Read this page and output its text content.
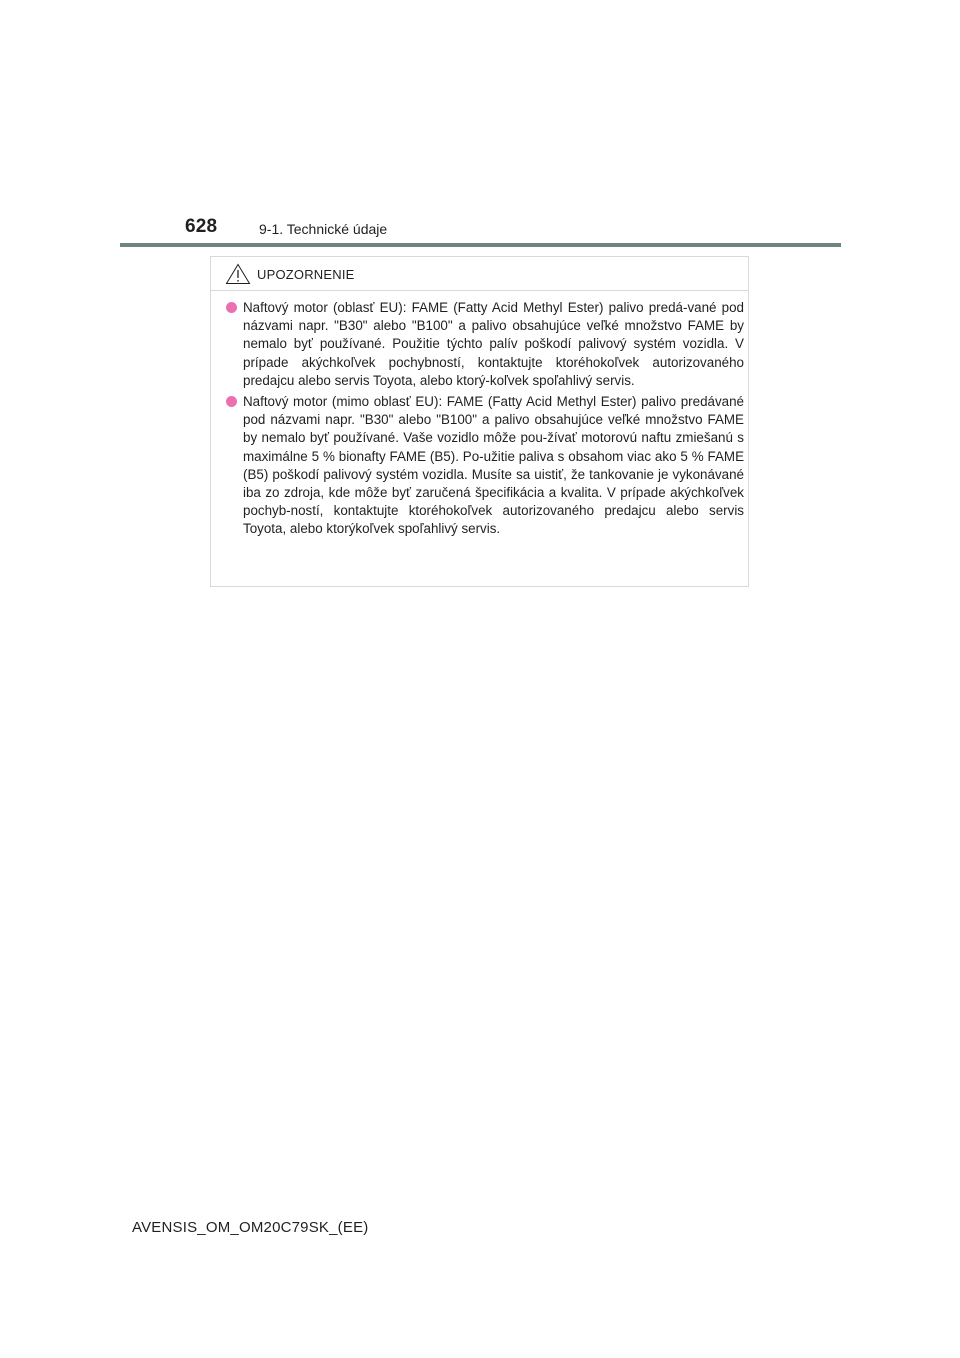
628	9-1. Technické údaje
UPOZORNENIE
Naftový motor (oblasť EU): FAME (Fatty Acid Methyl Ester) palivo predá-vané pod názvami napr. "B30" alebo "B100" a palivo obsahujúce veľké množstvo FAME by nemalo byť používané. Použitie týchto palív poškodí palivový systém vozidla. V prípade akýchkoľvek pochybností, kontaktujte ktoréhokoľvek autorizovaného predajcu alebo servis Toyota, alebo ktorý-koľvek spoľahlivý servis.
Naftový motor (mimo oblasť EU): FAME (Fatty Acid Methyl Ester) palivo predávané pod názvami napr. "B30" alebo "B100" a palivo obsahujúce veľké množstvo FAME by nemalo byť používané. Vaše vozidlo môže pou-žívať motorovú naftu zmiešanú s maximálne 5 % bionafty FAME (B5). Po-užitie paliva s obsahom viac ako 5 % FAME (B5) poškodí palivový systém vozidla. Musíte sa uistiť, že tankovanie je vykonávané iba zo zdroja, kde môže byť zaručená špecifikácia a kvalita. V prípade akýchkoľvek pochyb-ností, kontaktujte ktoréhokoľvek autorizovaného predajcu alebo servis Toyota, alebo ktorýkoľvek spoľahlivý servis.
AVENSIS_OM_OM20C79SK_(EE)
